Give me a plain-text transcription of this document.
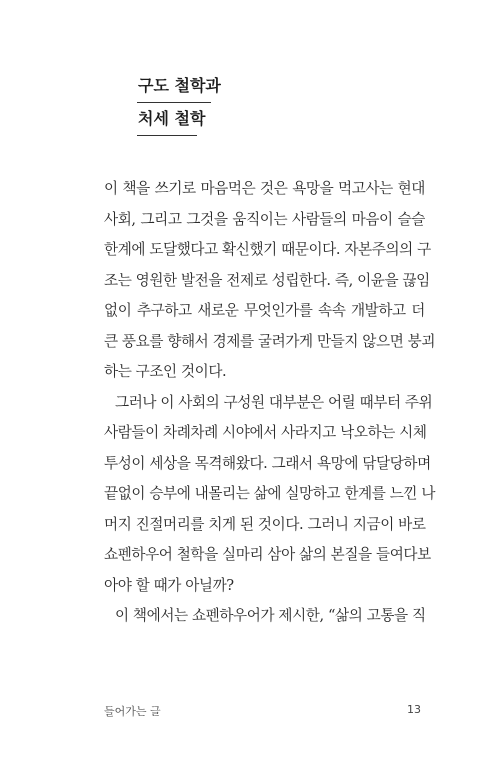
구도 철학과
처세 철학
이 책을 쓰기로 마음먹은 것은 욕망을 먹고사는 현대
사회, 그리고 그것을 움직이는 사람들의 마음이 슬슬
한계에 도달했다고 확신했기 때문이다. 자본주의의 구
조는 영원한 발전을 전제로 성립한다. 즉, 이윤을 끊임
없이 추구하고 새로운 무엇인가를 속속 개발하고 더
큰 풍요를 향해서 경제를 굴려가게 만들지 않으면 붕괴
하는 구조인 것이다.
그러나 이 사회의 구성원 대부분은 어릴 때부터 주위
사람들이 차례차례 시야에서 사라지고 낙오하는 시체
투성이 세상을 목격해왔다. 그래서 욕망에 닦달당하며
끝없이 승부에 내몰리는 삶에 실망하고 한계를 느낀 나
머지 진절머리를 치게 된 것이다. 그러니 지금이 바로
쇼펜하우어 철학을 실마리 삼아 삶의 본질을 들여다보
아야 할 때가 아닐까?
이 책에서는 쇼펜하우어가 제시한, “삶의 고통을 직
들어가는 글	13
